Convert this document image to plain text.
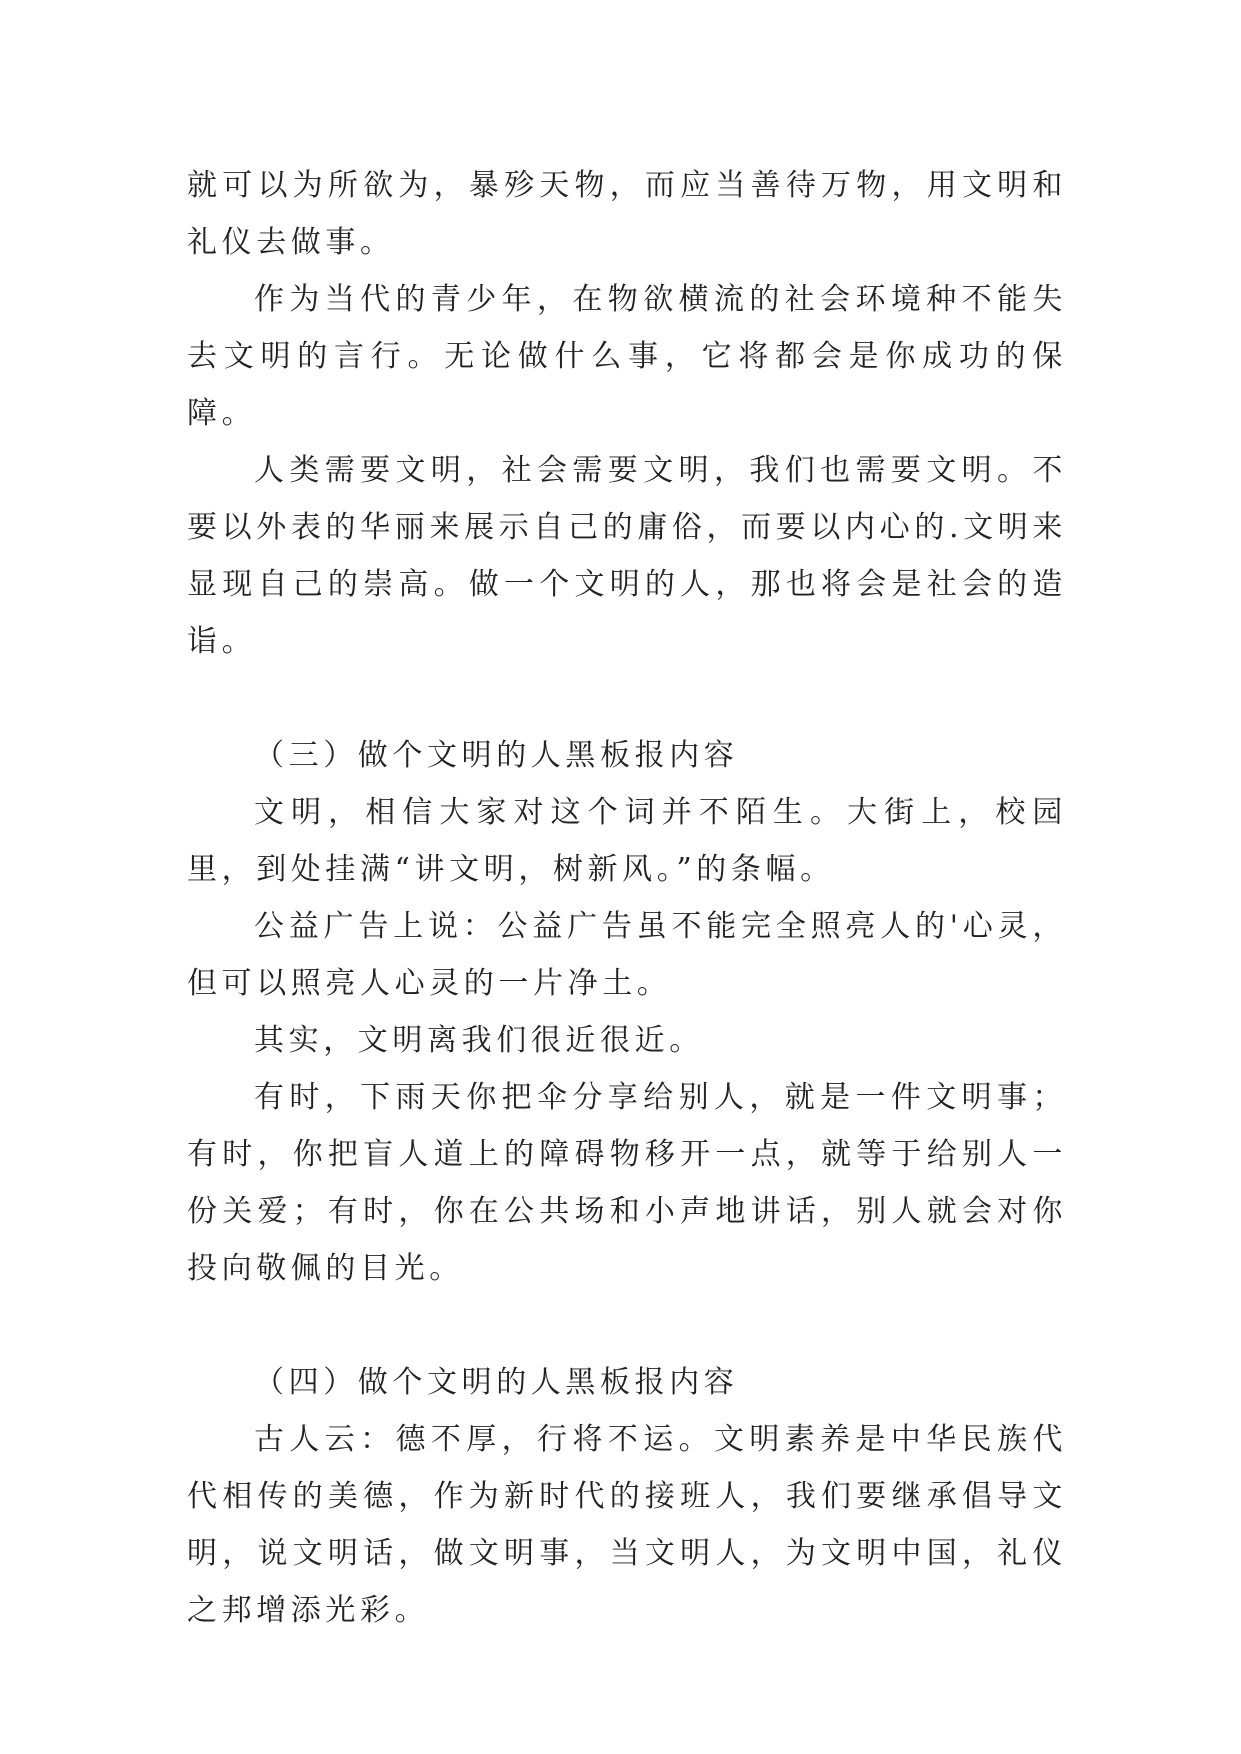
就可以为所欲为，暴殄天物，而应当善待万物，用文明和礼仪去做事。

作为当代的青少年，在物欲横流的社会环境种不能失去文明的言行。无论做什么事，它将都会是你成功的保障。

人类需要文明，社会需要文明，我们也需要文明。不要以外表的华丽来展示自己的庸俗，而要以内心的.文明来显现自己的崇高。做一个文明的人，那也将会是社会的造诣。

（三）做个文明的人黑板报内容

文明，相信大家对这个词并不陌生。大街上，校园里，到处挂满“讲文明，树新风。”的条幅。

公益广告上说：公益广告虽不能完全照亮人的'心灵，但可以照亮人心灵的一片净土。

其实，文明离我们很近很近。

有时，下雨天你把伞分享给别人，就是一件文明事；有时，你把盲人道上的障碍物移开一点，就等于给别人一份关爱；有时，你在公共场和小声地讲话，别人就会对你投向敬佩的目光。

（四）做个文明的人黑板报内容

古人云：德不厚，行将不运。文明素养是中华民族代代相传的美德，作为新时代的接班人，我们要继承倡导文明，说文明话，做文明事，当文明人，为文明中国，礼仪之邦增添光彩。
